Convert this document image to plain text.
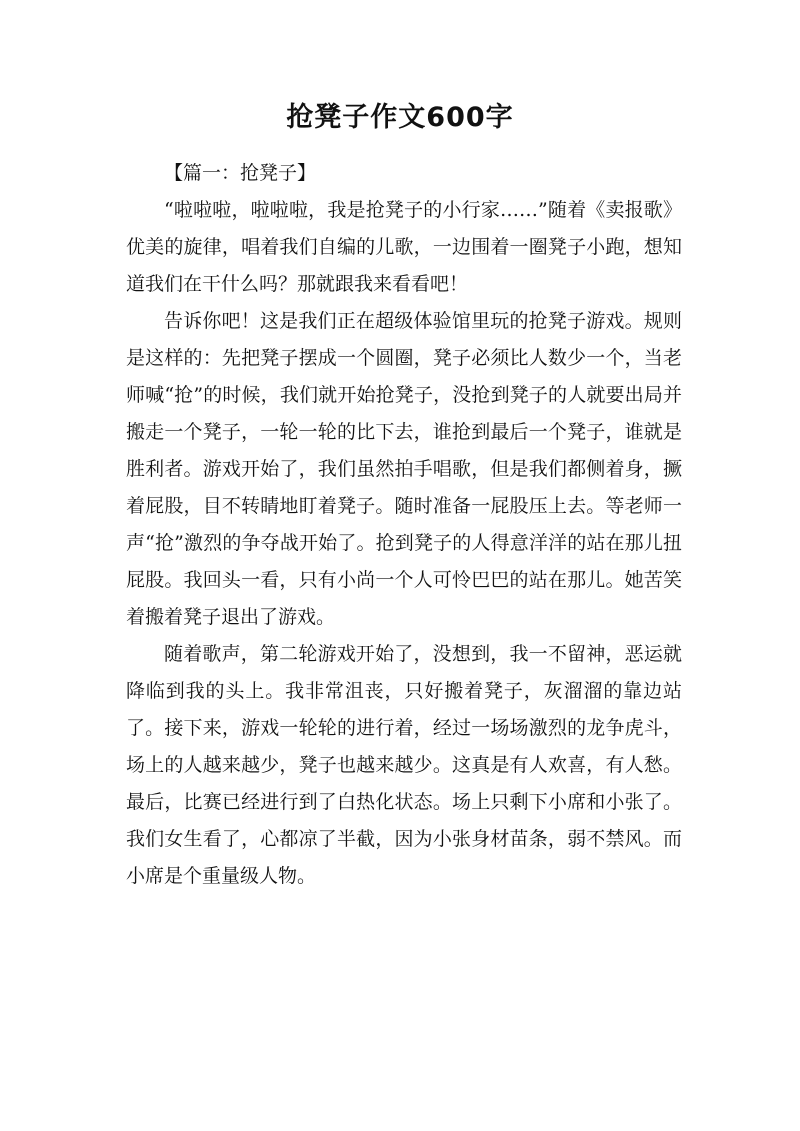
抢凳子作文600字

【篇一：抢凳子】

“啦啦啦，啦啦啦，我是抢凳子的小行家……”随着《卖报歌》优美的旋律，唱着我们自编的儿歌，一边围着一圈凳子小跑，想知道我们在干什么吗？那就跟我来看看吧！

告诉你吧！这是我们正在超级体验馆里玩的抢凳子游戏。规则是这样的：先把凳子摆成一个圆圈，凳子必须比人数少一个，当老师喊“抢”的时候，我们就开始抢凳子，没抢到凳子的人就要出局并搬走一个凳子，一轮一轮的比下去，谁抢到最后一个凳子，谁就是胜利者。游戏开始了，我们虽然拍手唱歌，但是我们都侧着身，撅着屁股，目不转睛地盯着凳子。随时准备一屁股压上去。等老师一声“抢”激烈的争夺战开始了。抢到凳子的人得意洋洋的站在那儿扭屁股。我回头一看，只有小尚一个人可怜巴巴的站在那儿。她苦笑着搬着凳子退出了游戏。

随着歌声，第二轮游戏开始了，没想到，我一不留神，恶运就降临到我的头上。我非常沮丧，只好搬着凳子，灰溜溜的靠边站了。接下来，游戏一轮轮的进行着，经过一场场激烈的龙争虎斗，场上的人越来越少，凳子也越来越少。这真是有人欢喜，有人愁。最后，比赛已经进行到了白热化状态。场上只剩下小席和小张了。我们女生看了，心都凉了半截，因为小张身材苗条，弱不禁风。而小席是个重量级人物。
